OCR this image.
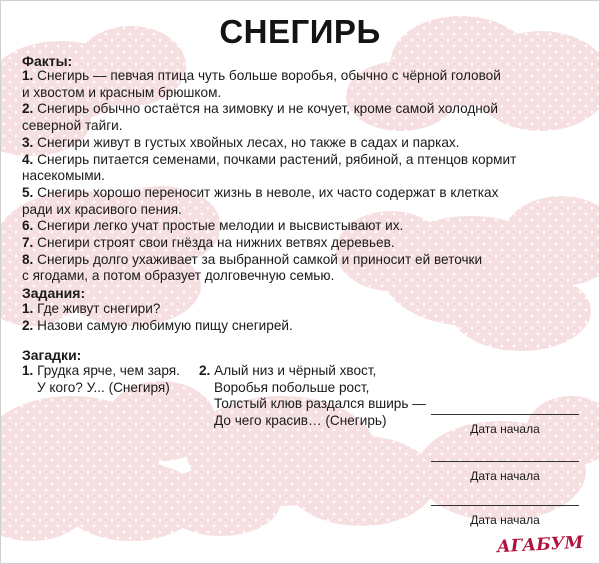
СНЕГИРЬ
Факты:

1. Снегирь — певчая птица чуть больше воробья, обычно с чёрной головой
и хвостом и красным брюшком.

2. Снегирь обычно остаётся на зимовку и не кочует, кроме самой холодной
северной тайги.

3. Снегири живут в густых хвойных лесах, но также в садах и парках.

4. Снегирь питается семенами, почками растений, рябиной, а птенцов кормит
насекомыми.

5. Снегирь хорошо переносит жизнь в неволе, их часто содержат в клетках
ради их красивого пения.

6. Снегири легко учат простые мелодии и высвистывают их.

7. Снегири строят свои гнёзда на нижних ветвях деревьев.

8. Снегирь долго ухаживает за выбранной самкой и приносит ей веточки
с ягодами, а потом образует долговечную семью.

Задания:

1. Где живут снегири?

2. Назови самую любимую пищу снегирей.

Загадки:

1. Грудка ярче, чем заря.

У кого? У... (Снегиря)

2. Алый низ и чёрный хвост,

Воробья побольше рост,

Толстый клюв раздался вширь —

До чего красив… (Снегирь)

Дата начала
Дата начала
Дата начала
АГАБУМ
